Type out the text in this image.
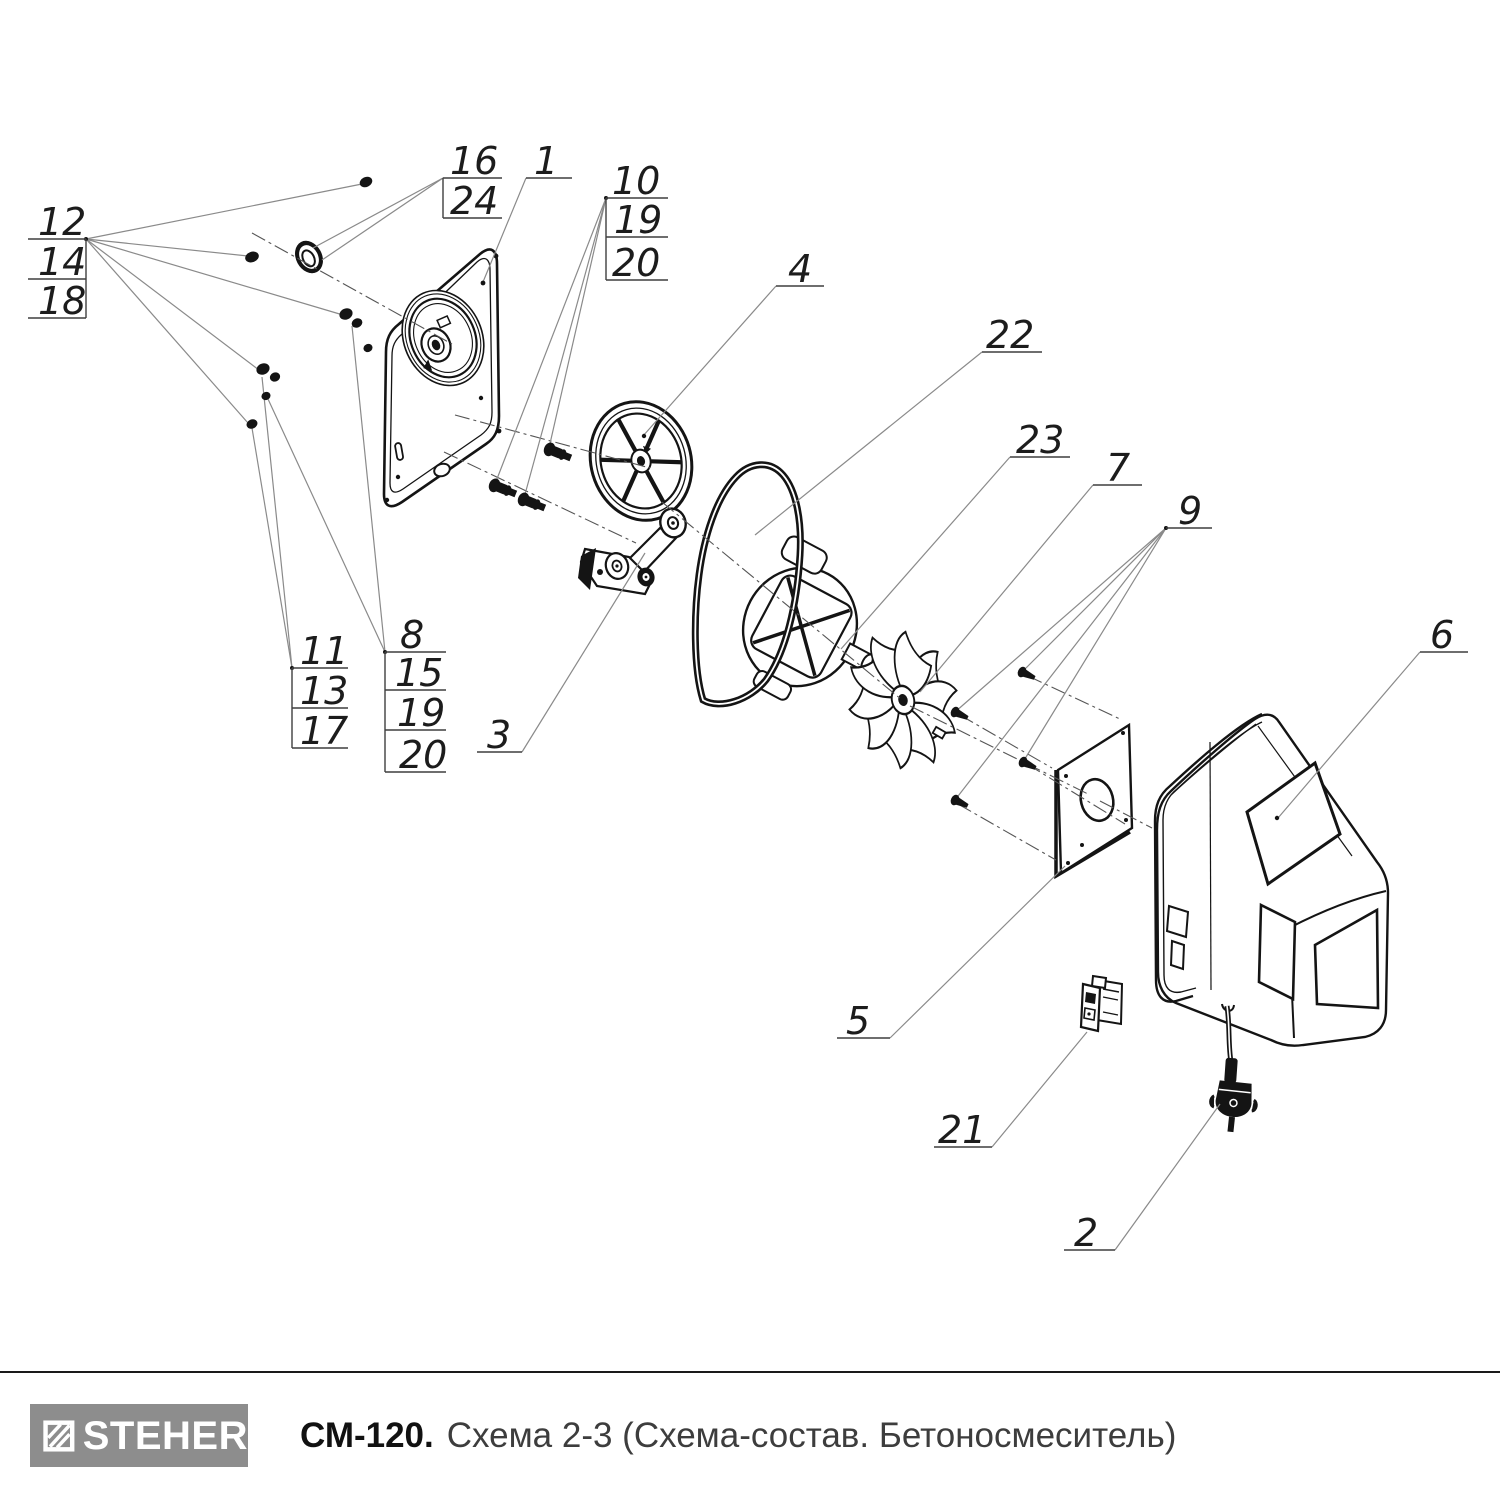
12
14
18
16
24
1 10
19
20
11
13
17
8
15
19
20 3
4
22
23
7
9
6
5
21
2
STEHER СМ-120. Схема 2-3 (Схема-состав. Бетоносмеситель)
